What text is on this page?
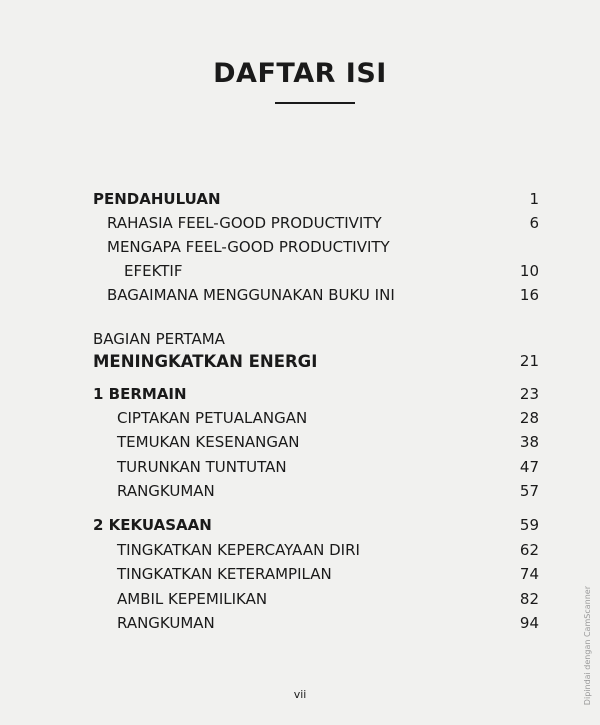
DAFTAR ISI
PENDAHULUAN	1
RAHASIA FEEL-GOOD PRODUCTIVITY	6
MENGAPA FEEL-GOOD PRODUCTIVITY
EFEKTIF	10
BAGAIMANA MENGGUNAKAN BUKU INI	16
BAGIAN PERTAMA
MENINGKATKAN ENERGI	21
1 BERMAIN	23
CIPTAKAN PETUALANGAN	28
TEMUKAN KESENANGAN	38
TURUNKAN TUNTUTAN	47
RANGKUMAN	57
2 KEKUASAAN	59
TINGKATKAN KEPERCAYAAN DIRI	62
TINGKATKAN KETERAMPILAN	74
AMBIL KEPEMILIKAN	82
RANGKUMAN	94
vii	Dipindai dengan CamScanner
